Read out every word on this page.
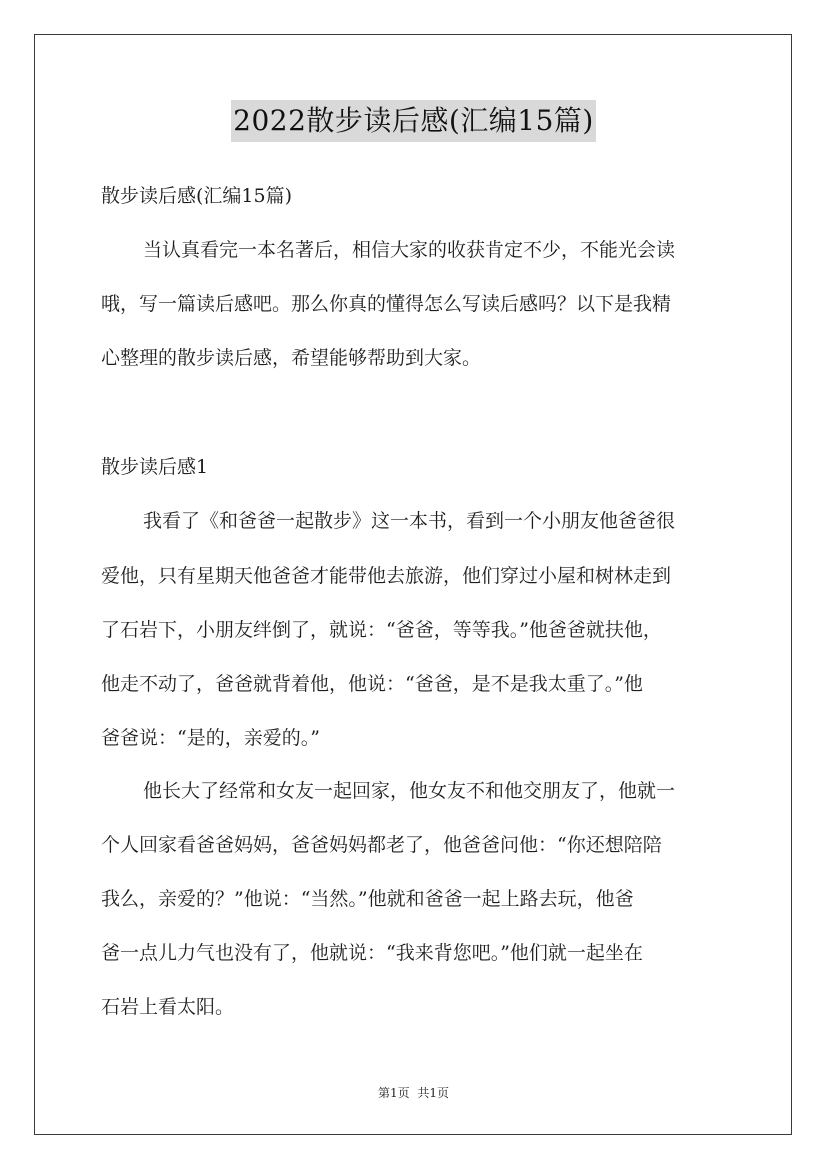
2022散步读后感(汇编15篇)
散步读后感(汇编15篇)
当认真看完一本名著后，相信大家的收获肯定不少，不能光会读
哦，写一篇读后感吧。那么你真的懂得怎么写读后感吗？以下是我精
心整理的散步读后感，希望能够帮助到大家。
散步读后感1
我看了《和爸爸一起散步》这一本书，看到一个小朋友他爸爸很
爱他，只有星期天他爸爸才能带他去旅游，他们穿过小屋和树林走到
了石岩下，小朋友绊倒了，就说：“爸爸，等等我。”他爸爸就扶他，
他走不动了，爸爸就背着他，他说：“爸爸，是不是我太重了。”他
爸爸说：“是的，亲爱的。”
他长大了经常和女友一起回家，他女友不和他交朋友了，他就一
个人回家看爸爸妈妈，爸爸妈妈都老了，他爸爸问他：“你还想陪陪
我么，亲爱的？”他说：“当然。”他就和爸爸一起上路去玩，他爸
爸一点儿力气也没有了，他就说：“我来背您吧。”他们就一起坐在
石岩上看太阳。
第1页 共1页
